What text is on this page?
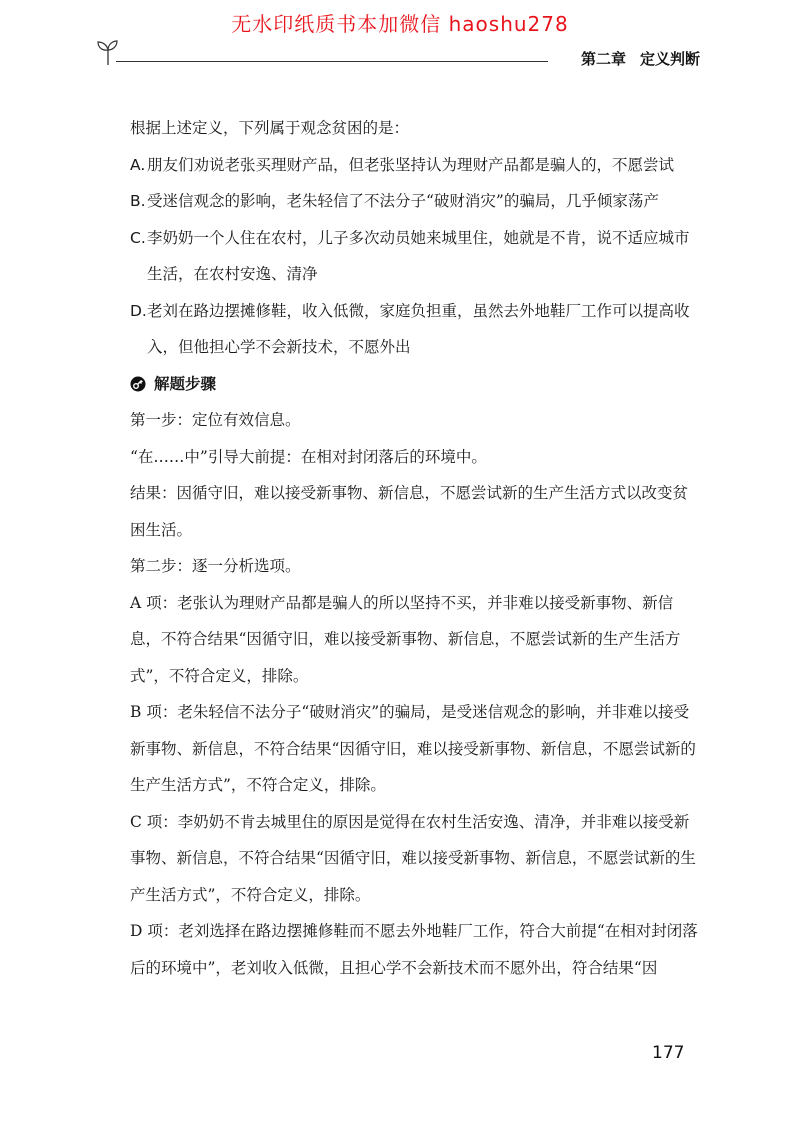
无水印纸质书本加微信 haoshu278
第二章 定义判断

根据上述定义，下列属于观念贫困的是：

A. 朋友们劝说老张买理财产品，但老张坚持认为理财产品都是骗人的，不愿尝试
B. 受迷信观念的影响，老朱轻信了不法分子“破财消灾”的骗局，几乎倾家荡产
C. 李奶奶一个人住在农村，儿子多次动员她来城里住，她就是不肯，说不适应城市生活，在农村安逸、清净
D. 老刘在路边摆摊修鞋，收入低微，家庭负担重，虽然去外地鞋厂工作可以提高收入，但他担心学不会新技术，不愿外出
解题步骤

第一步：定位有效信息。

“在……中”引导大前提：在相对封闭落后的环境中。

结果：因循守旧，难以接受新事物、新信息，不愿尝试新的生产生活方式以改变贫困生活。

第二步：逐一分析选项。

A 项：老张认为理财产品都是骗人的所以坚持不买，并非难以接受新事物、新信息，不符合结果“因循守旧，难以接受新事物、新信息，不愿尝试新的生产生活方式”，不符合定义，排除。

B 项：老朱轻信不法分子“破财消灾”的骗局，是受迷信观念的影响，并非难以接受新事物、新信息，不符合结果“因循守旧，难以接受新事物、新信息，不愿尝试新的生产生活方式”，不符合定义，排除。

C 项：李奶奶不肯去城里住的原因是觉得在农村生活安逸、清净，并非难以接受新事物、新信息，不符合结果“因循守旧，难以接受新事物、新信息，不愿尝试新的生产生活方式”，不符合定义，排除。

D 项：老刘选择在路边摆摊修鞋而不愿去外地鞋厂工作，符合大前提“在相对封闭落后的环境中”，老刘收入低微，且担心学不会新技术而不愿外出，符合结果“因

177
